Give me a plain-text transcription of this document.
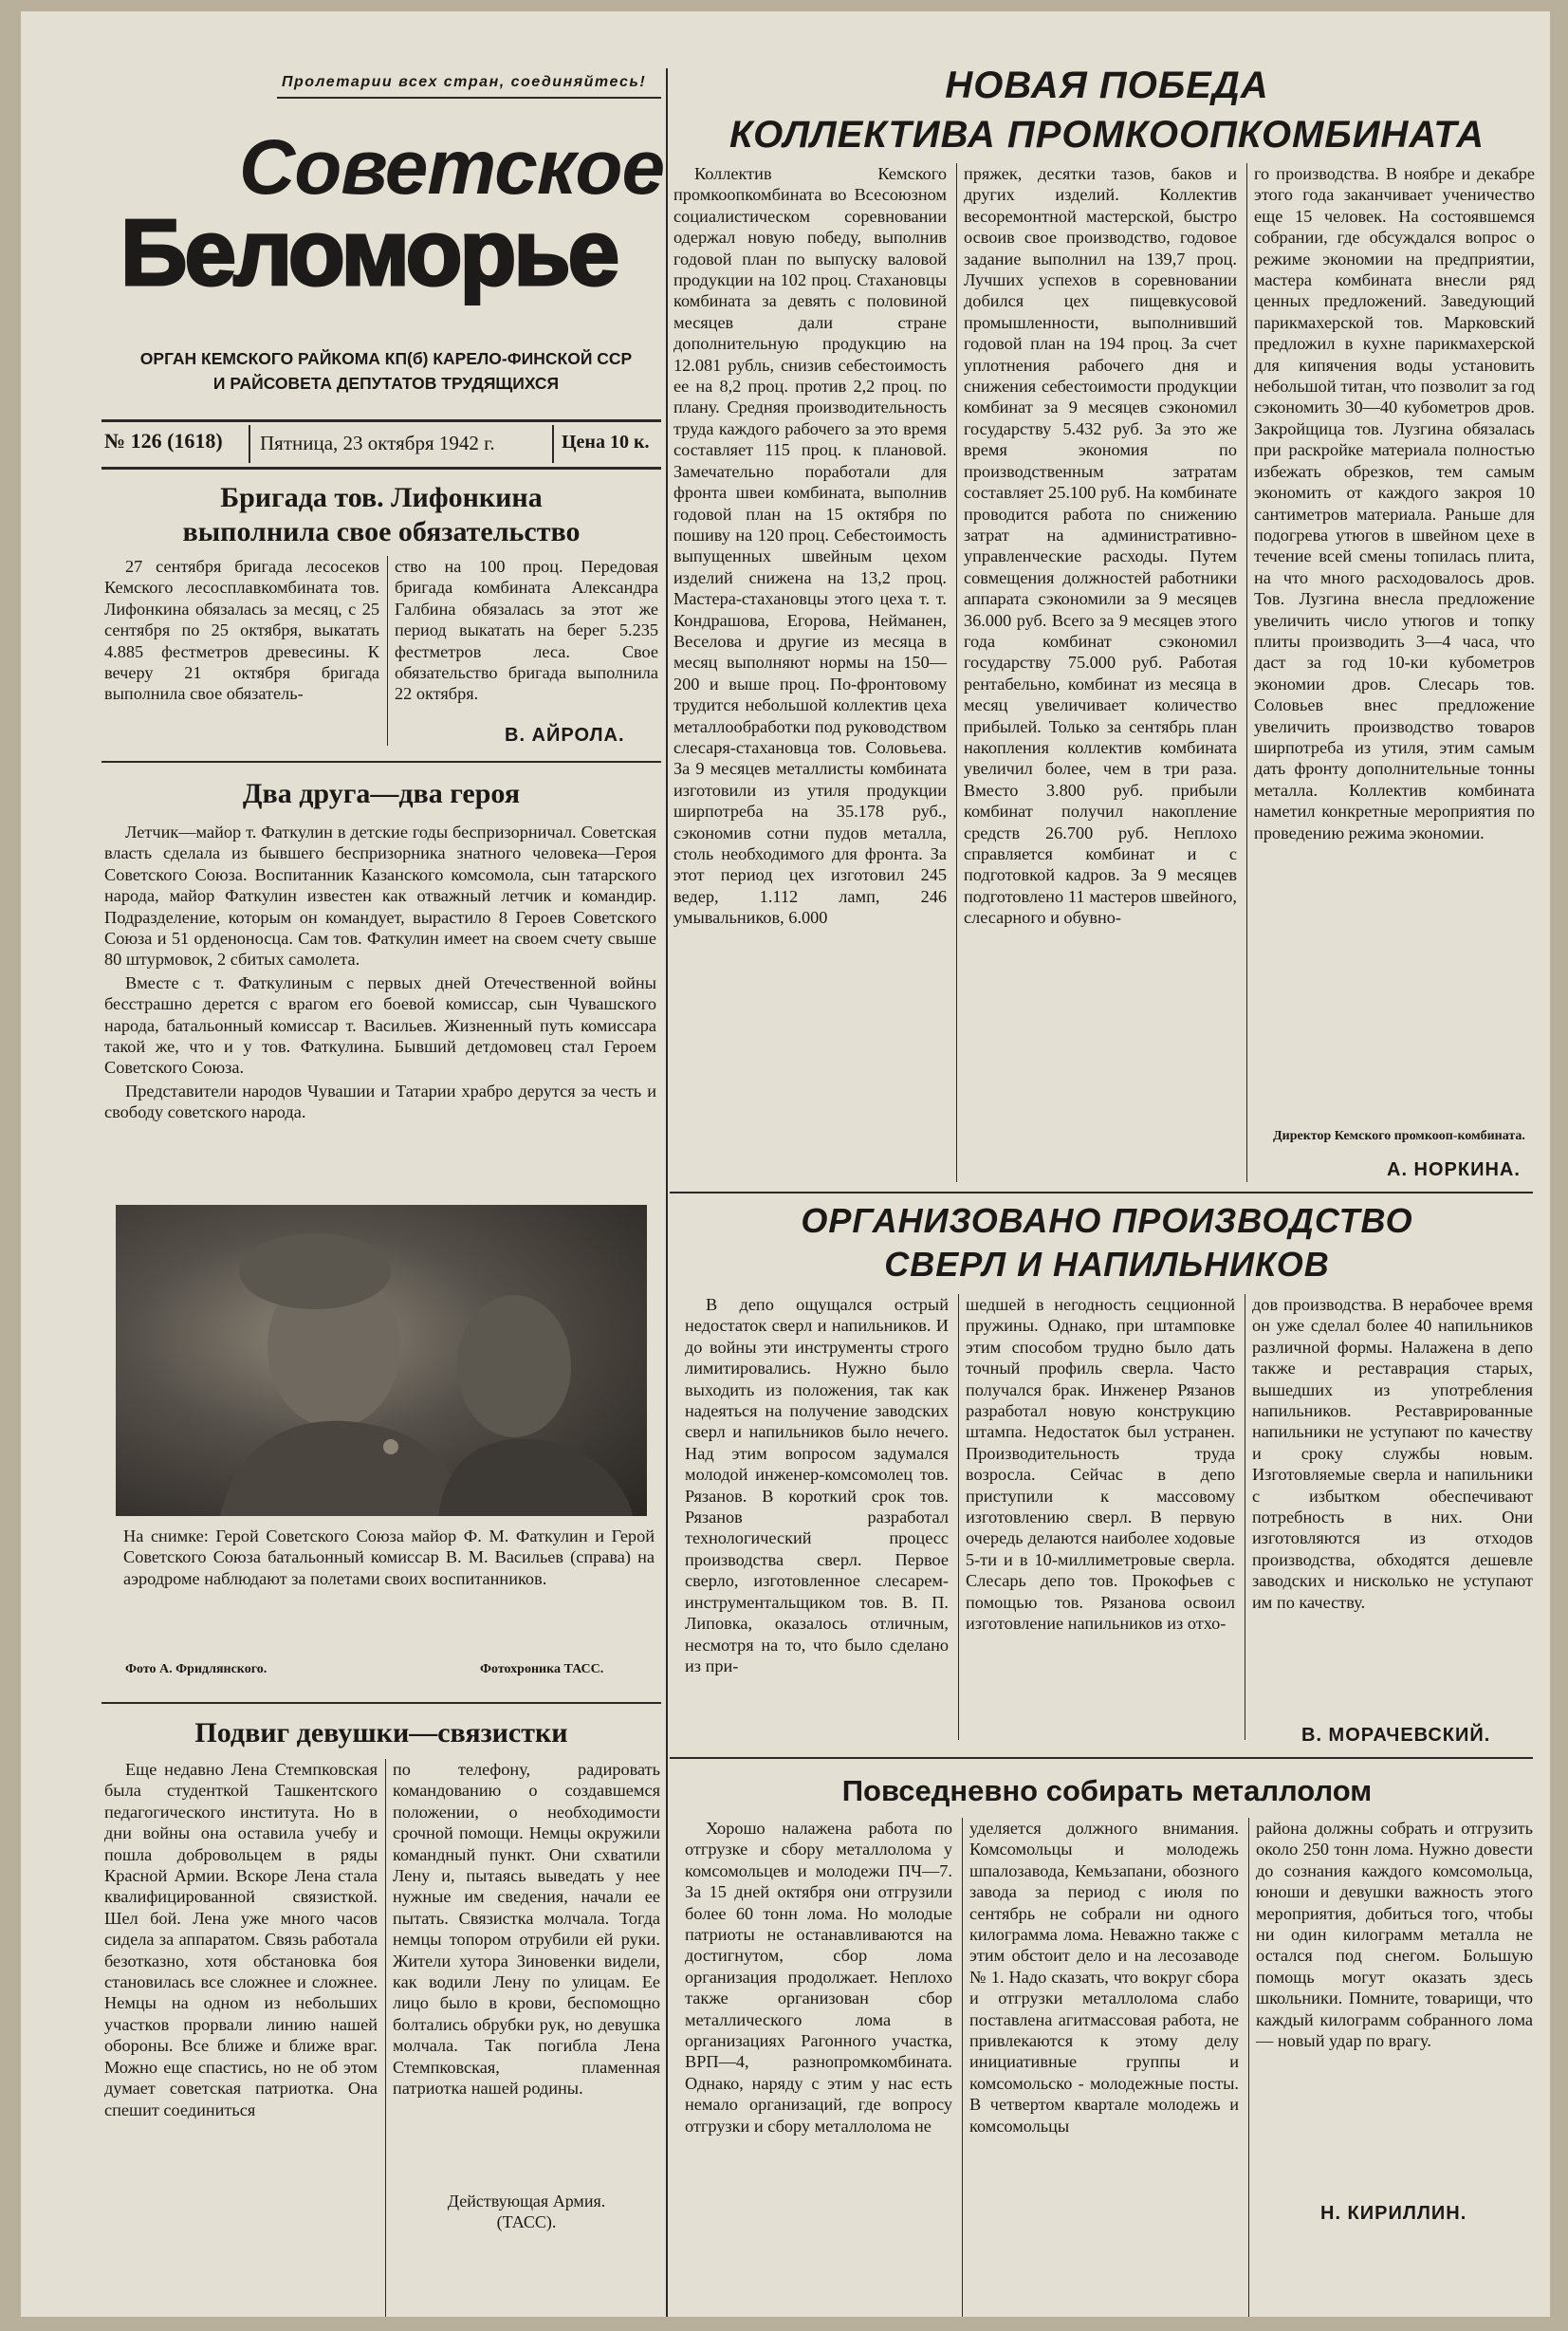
Пролетарии всех стран, соединяйтесь!
Советское
Беломорье
ОРГАН КЕМСКОГО РАЙКОМА КП(б) КАРЕЛО-ФИНСКОЙ ССР
И РАЙСОВЕТА ДЕПУТАТОВ ТРУДЯЩИХСЯ
№ 126 (1618) Пятница, 23 октября 1942 г.	Цена 10 к.
Бригада тов. Лифонкина
выполнила свое обязательство

27 сентября бригада лесосеков Кемского лесосплавкомбината тов. Лифонкина обязалась за месяц, с 25 сентября по 25 октября, выкатать 4.885 фестметров древесины. К вечеру 21 октября бригада выполнила свое обязатель-

ство на 100 проц. Передовая бригада комбината Александра Галбина обязалась за этот же период выкатать на берег 5.235 фестметров леса. Свое обязательство бригада выполнила 22 октября.

В. АЙРОЛА.
Два друга—два героя

Летчик—майор т. Фаткулин в детские годы беспризорничал. Советская власть сделала из бывшего беспризорника знатного человека—Героя Советского Союза. Воспитанник Казанского комсомола, сын татарского народа, майор Фаткулин известен как отважный летчик и командир. Подразделение, которым он командует, вырастило 8 Героев Советского Союза и 51 орденоносца. Сам тов. Фаткулин имеет на своем счету свыше 80 штурмовок, 2 сбитых самолета.

Вместе с т. Фаткулиным с первых дней Отечественной войны бесстрашно дерется с врагом его боевой комиссар, сын Чувашского народа, батальонный комиссар т. Васильев. Жизненный путь комиссара такой же, что и у тов. Фаткулина. Бывший детдомовец стал Героем Советского Союза.

Представители народов Чувашии и Татарии храбро дерутся за честь и свободу советского народа.

На снимке: Герой Советского Союза майор Ф. М. Фаткулин и Герой Советского Союза батальонный комиссар В. М. Васильев (справа) на аэродроме наблюдают за полетами своих воспитанников.

Фото А. Фридлянского.	Фотохроника ТАСС.
Подвиг девушки—связистки

Еще недавно Лена Стемпковская была студенткой Ташкентского педагогического института. Но в дни войны она оставила учебу и пошла добровольцем в ряды Красной Армии. Вскоре Лена стала квалифицированной связисткой. Шел бой. Лена уже много часов сидела за аппаратом. Связь работала безотказно, хотя обстановка боя становилась все сложнее и сложнее. Немцы на одном из небольших участков прорвали линию нашей обороны. Все ближе и ближе враг. Можно еще спастись, но не об этом думает советская патриотка. Она спешит соединиться

по телефону, радировать командованию о создавшемся положении, о необходимости срочной помощи. Немцы окружили командный пункт. Они схватили Лену и, пытаясь выведать у нее нужные им сведения, начали ее пытать. Связистка молчала. Тогда немцы топором отрубили ей руки. Жители хутора Зиновенки видели, как водили Лену по улицам. Ее лицо было в крови, беспомощно болтались обрубки рук, но девушка молчала. Так погибла Лена Стемпковская, пламенная патриотка нашей родины.

Действующая Армия.
(ТАСС).
НОВАЯ ПОБЕДА
КОЛЛЕКТИВА ПРОМКООПКОМБИНАТА

Коллектив Кемского промкоопкомбината во Всесоюзном социалистическом соревновании одержал новую победу, выполнив годовой план по выпуску валовой продукции на 102 проц. Стахановцы комбината за девять с половиной месяцев дали стране дополнительную продукцию на 12.081 рубль, снизив себестоимость ее на 8,2 проц. против 2,2 проц. по плану. Средняя производительность труда каждого рабочего за это время составляет 115 проц. к плановой. Замечательно поработали для фронта швеи комбината, выполнив годовой план на 15 октября по пошиву на 120 проц. Себестоимость выпущенных швейным цехом изделий снижена на 13,2 проц. Мастера-стахановцы этого цеха т. т. Кондрашова, Егорова, Нейманен, Веселова и другие из месяца в месяц выполняют нормы на 150—200 и выше проц. По-фронтовому трудится небольшой коллектив цеха металлообработки под руководством слесаря-стахановца тов. Соловьева. За 9 месяцев металлисты комбината изготовили из утиля продукции ширпотреба на 35.178 руб., сэкономив сотни пудов металла, столь необходимого для фронта. За этот период цех изготовил 245 ведер, 1.112 ламп, 246 умывальников, 6.000

пряжек, десятки тазов, баков и других изделий. Коллектив весоремонтной мастерской, быстро освоив свое производство, годовое задание выполнил на 139,7 проц. Лучших успехов в соревновании добился цех пищевкусовой промышленности, выполнивший годовой план на 194 проц. За счет уплотнения рабочего дня и снижения себестоимости продукции комбинат за 9 месяцев сэкономил государству 5.432 руб. За это же время экономия по производственным затратам составляет 25.100 руб. На комбинате проводится работа по снижению затрат на административно-управленческие расходы. Путем совмещения должностей работники аппарата сэкономили за 9 месяцев 36.000 руб. Всего за 9 месяцев этого года комбинат сэкономил государству 75.000 руб. Работая рентабельно, комбинат из месяца в месяц увеличивает количество прибылей. Только за сентябрь план накопления коллектив комбината увеличил более, чем в три раза. Вместо 3.800 руб. прибыли комбинат получил накопление средств 26.700 руб. Неплохо справляется комбинат и с подготовкой кадров. За 9 месяцев подготовлено 11 мастеров швейного, слесарного и обувно-

го производства. В ноябре и декабре этого года заканчивает ученичество еще 15 человек. На состоявшемся собрании, где обсуждался вопрос о режиме экономии на предприятии, мастера комбината внесли ряд ценных предложений. Заведующий парикмахерской тов. Марковский предложил в кухне парикмахерской для кипячения воды установить небольшой титан, что позволит за год сэкономить 30—40 кубометров дров. Закройщица тов. Лузгина обязалась при раскройке материала полностью избежать обрезков, тем самым экономить от каждого закроя 10 сантиметров материала. Раньше для подогрева утюгов в швейном цехе в течение всей смены топилась плита, на что много расходовалось дров. Тов. Лузгина внесла предложение увеличить число утюгов и топку плиты производить 3—4 часа, что даст за год 10-ки кубометров экономии дров. Слесарь тов. Соловьев внес предложение увеличить производство товаров ширпотреба из утиля, этим самым дать фронту дополнительные тонны металла. Коллектив комбината наметил конкретные мероприятия по проведению режима экономии.

Директор Кемского промкооп-комбината.
А. НОРКИНА.
ОРГАНИЗОВАНО ПРОИЗВОДСТВО
СВЕРЛ И НАПИЛЬНИКОВ

В депо ощущался острый недостаток сверл и напильников. И до войны эти инструменты строго лимитировались. Нужно было выходить из положения, так как надеяться на получение заводских сверл и напильников было нечего. Над этим вопросом задумался молодой инженер-комсомолец тов. Рязанов. В короткий срок тов. Рязанов разработал технологический процесс производства сверл. Первое сверло, изготовленное слесарем-инструментальщиком тов. В. П. Липовка, оказалось отличным, несмотря на то, что было сделано из при-

шедшей в негодность сецционной пружины. Однако, при штамповке этим способом трудно было дать точный профиль сверла. Часто получался брак. Инженер Рязанов разработал новую конструкцию штампа. Недостаток был устранен. Производительность труда возросла. Сейчас в депо приступили к массовому изготовлению сверл. В первую очередь делаются наиболее ходовые 5-ти и в 10-миллиметровые сверла. Слесарь депо тов. Прокофьев с помощью тов. Рязанова освоил изготовление напильников из отхо-

дов производства. В нерабочее время он уже сделал более 40 напильников различной формы. Налажена в депо также и реставрация старых, вышедших из употребления напильников. Реставрированные напильники не уступают по качеству и сроку службы новым. Изготовляемые сверла и напильники с избытком обеспечивают потребность в них. Они изготовляются из отходов производства, обходятся дешевле заводских и нисколько не уступают им по качеству.

В. МОРАЧЕВСКИЙ.
Повседневно собирать металлолом

Хорошо налажена работа по отгрузке и сбору металлолома у комсомольцев и молодежи ПЧ—7. За 15 дней октября они отгрузили более 60 тонн лома. Но молодые патриоты не останавливаются на достигнутом, сбор лома организация продолжает. Неплохо также организован сбор металлического лома в организациях Рагонного участка, ВРП—4, разнопромкомбината. Однако, наряду с этим у нас есть немало организаций, где вопросу отгрузки и сбору металлолома не

уделяется должного внимания. Комсомольцы и молодежь шпалозавода, Кемьзапани, обозного завода за период с июля по сентябрь не собрали ни одного килограмма лома. Неважно также с этим обстоит дело и на лесозаводе № 1. Надо сказать, что вокруг сбора и отгрузки металлолома слабо поставлена агитмассовая работа, не привлекаются к этому делу инициативные группы и комсомольско - молодежные посты. В четвертом квартале молодежь и комсомольцы

района должны собрать и отгрузить около 250 тонн лома. Нужно довести до сознания каждого комсомольца, юноши и девушки важность этого мероприятия, добиться того, чтобы ни один килограмм металла не остался под снегом. Большую помощь могут оказать здесь школьники. Помните, товарищи, что каждый килограмм собранного лома — новый удар по врагу.

Н. КИРИЛЛИН.
